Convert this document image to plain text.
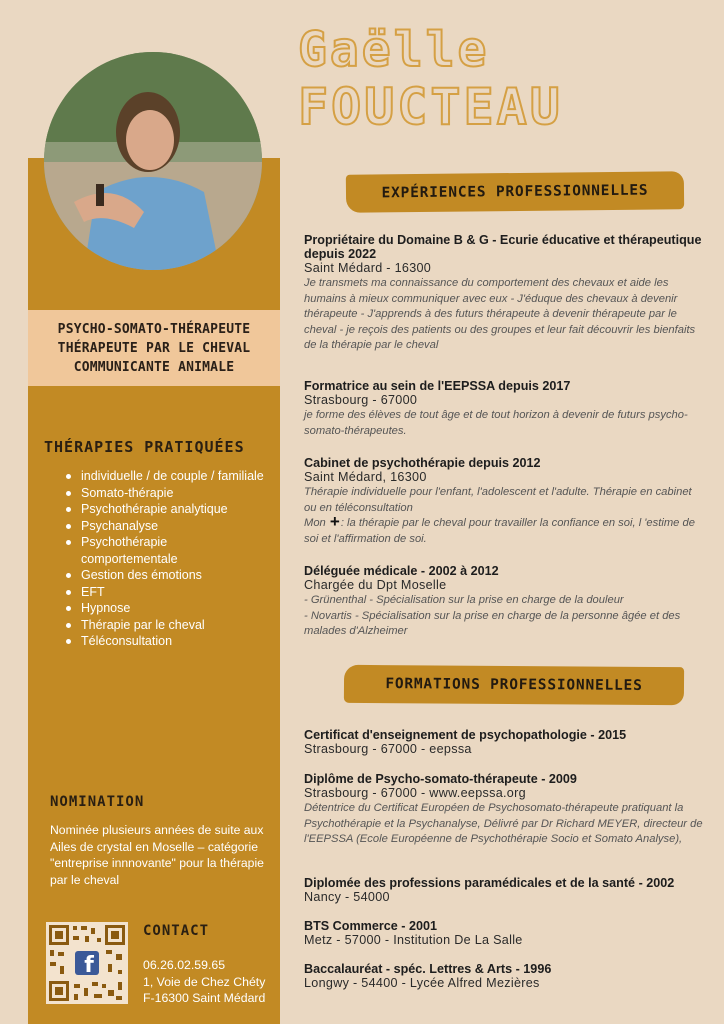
PSYCHO-SOMATO-THÉRAPEUTE
THÉRAPEUTE PAR LE CHEVAL
COMMUNICANTE ANIMALE
THÉRAPIES PRATIQUÉES
individuelle / de couple / familiale
Somato-thérapie
Psychothérapie analytique
Psychanalyse
Psychothérapie comportementale
Gestion des émotions
EFT
Hypnose
Thérapie par le cheval
Téléconsultation
NOMINATION
Nominée plusieurs années de suite aux Ailes de crystal en Moselle – catégorie "entreprise innnovante" pour la thérapie par le cheval
f
CONTACT
06.26.02.59.65
1, Voie de Chez Chéty
F-16300 Saint Médard
Gaëlle
FOUCTEAU
EXPÉRIENCES PROFESSIONNELLES
Propriétaire du Domaine B & G - Ecurie éducative et thérapeutique depuis 2022
Saint Médard - 16300
Je transmets ma connaissance du comportement des chevaux et aide les humains à mieux communiquer avec eux - J'éduque des chevaux à devenir thérapeute - J'apprends à des futurs thérapeute à devenir thérapeute par le cheval - je reçois des patients ou des groupes et leur fait découvrir les bienfaits de la thérapie par le cheval
Formatrice au sein de l'EEPSSA depuis 2017
Strasbourg - 67000
je forme des élèves de tout âge et de tout horizon à devenir de futurs psycho-somato-thérapeutes.
Cabinet de psychothérapie depuis 2012
Saint Médard, 16300
Thérapie individuelle pour l'enfant, l'adolescent et l'adulte. Thérapie en cabinet ou en téléconsultation
Mon +: la thérapie par le cheval pour travailler la confiance en soi, l 'estime de soi et l'affirmation de soi.
Déléguée médicale - 2002 à 2012
Chargée du Dpt Moselle
- Grünenthal - Spécialisation sur la prise en charge de la douleur
- Novartis - Spécialisation sur la prise en charge de la personne âgée et des malades d'Alzheimer
FORMATIONS PROFESSIONNELLES
Certificat d'enseignement de psychopathologie - 2015
Strasbourg - 67000 - eepssa
Diplôme de Psycho-somato-thérapeute - 2009
Strasbourg - 67000 - www.eepssa.org
Détentrice du Certificat Européen de Psychosomato-thérapeute pratiquant la Psychothérapie et la Psychanalyse, Délivré par Dr Richard MEYER, directeur de l'EEPSSA (Ecole Européenne de Psychothérapie Socio et Somato Analyse),
Diplomée des professions paramédicales et de la santé - 2002
Nancy - 54000
BTS Commerce - 2001
Metz - 57000 - Institution De La Salle
Baccalauréat - spéc. Lettres & Arts - 1996
Longwy - 54400 - Lycée Alfred Mezières
